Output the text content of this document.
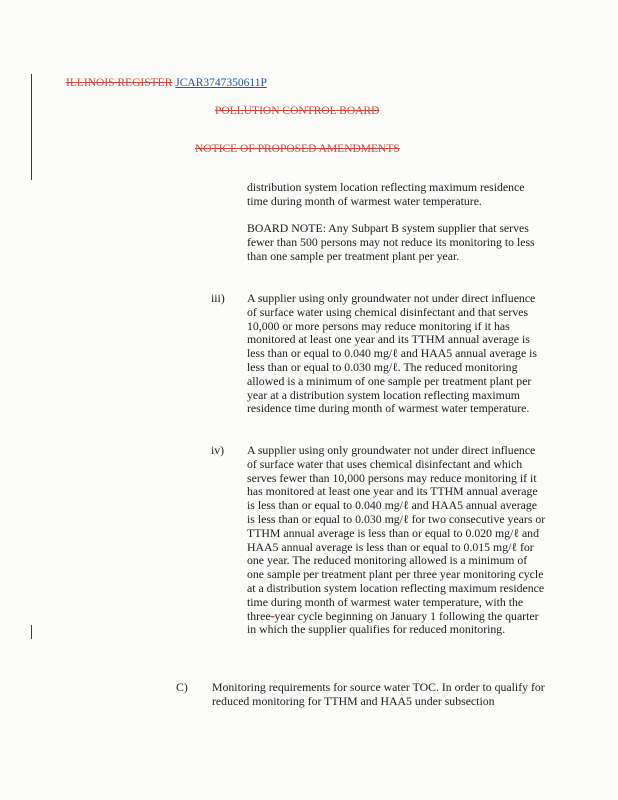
ILLINOIS REGISTER JCAR3747350611P
POLLUTION CONTROL BOARD
NOTICE OF PROPOSED AMENDMENTS

distribution system location reflecting maximum residence time during month of warmest water temperature.

BOARD NOTE: Any Subpart B system supplier that serves fewer than 500 persons may not reduce its monitoring to less than one sample per treatment plant per year.

iii) A supplier using only groundwater not under direct influence of surface water using chemical disinfectant and that serves 10,000 or more persons may reduce monitoring if it has monitored at least one year and its TTHM annual average is less than or equal to 0.040 mg/ℓ and HAA5 annual average is less than or equal to 0.030 mg/ℓ. The reduced monitoring allowed is a minimum of one sample per treatment plant per year at a distribution system location reflecting maximum residence time during month of warmest water temperature.

iv) A supplier using only groundwater not under direct influence of surface water that uses chemical disinfectant and which serves fewer than 10,000 persons may reduce monitoring if it has monitored at least one year and its TTHM annual average is less than or equal to 0.040 mg/ℓ and HAA5 annual average is less than or equal to 0.030 mg/ℓ for two consecutive years or TTHM annual average is less than or equal to 0.020 mg/ℓ and HAA5 annual average is less than or equal to 0.015 mg/ℓ for one year. The reduced monitoring allowed is a minimum of one sample per treatment plant per three year monitoring cycle at a distribution system location reflecting maximum residence time during month of warmest water temperature, with the three-year cycle beginning on January 1 following the quarter in which the supplier qualifies for reduced monitoring.

C) Monitoring requirements for source water TOC. In order to qualify for reduced monitoring for TTHM and HAA5 under subsection
